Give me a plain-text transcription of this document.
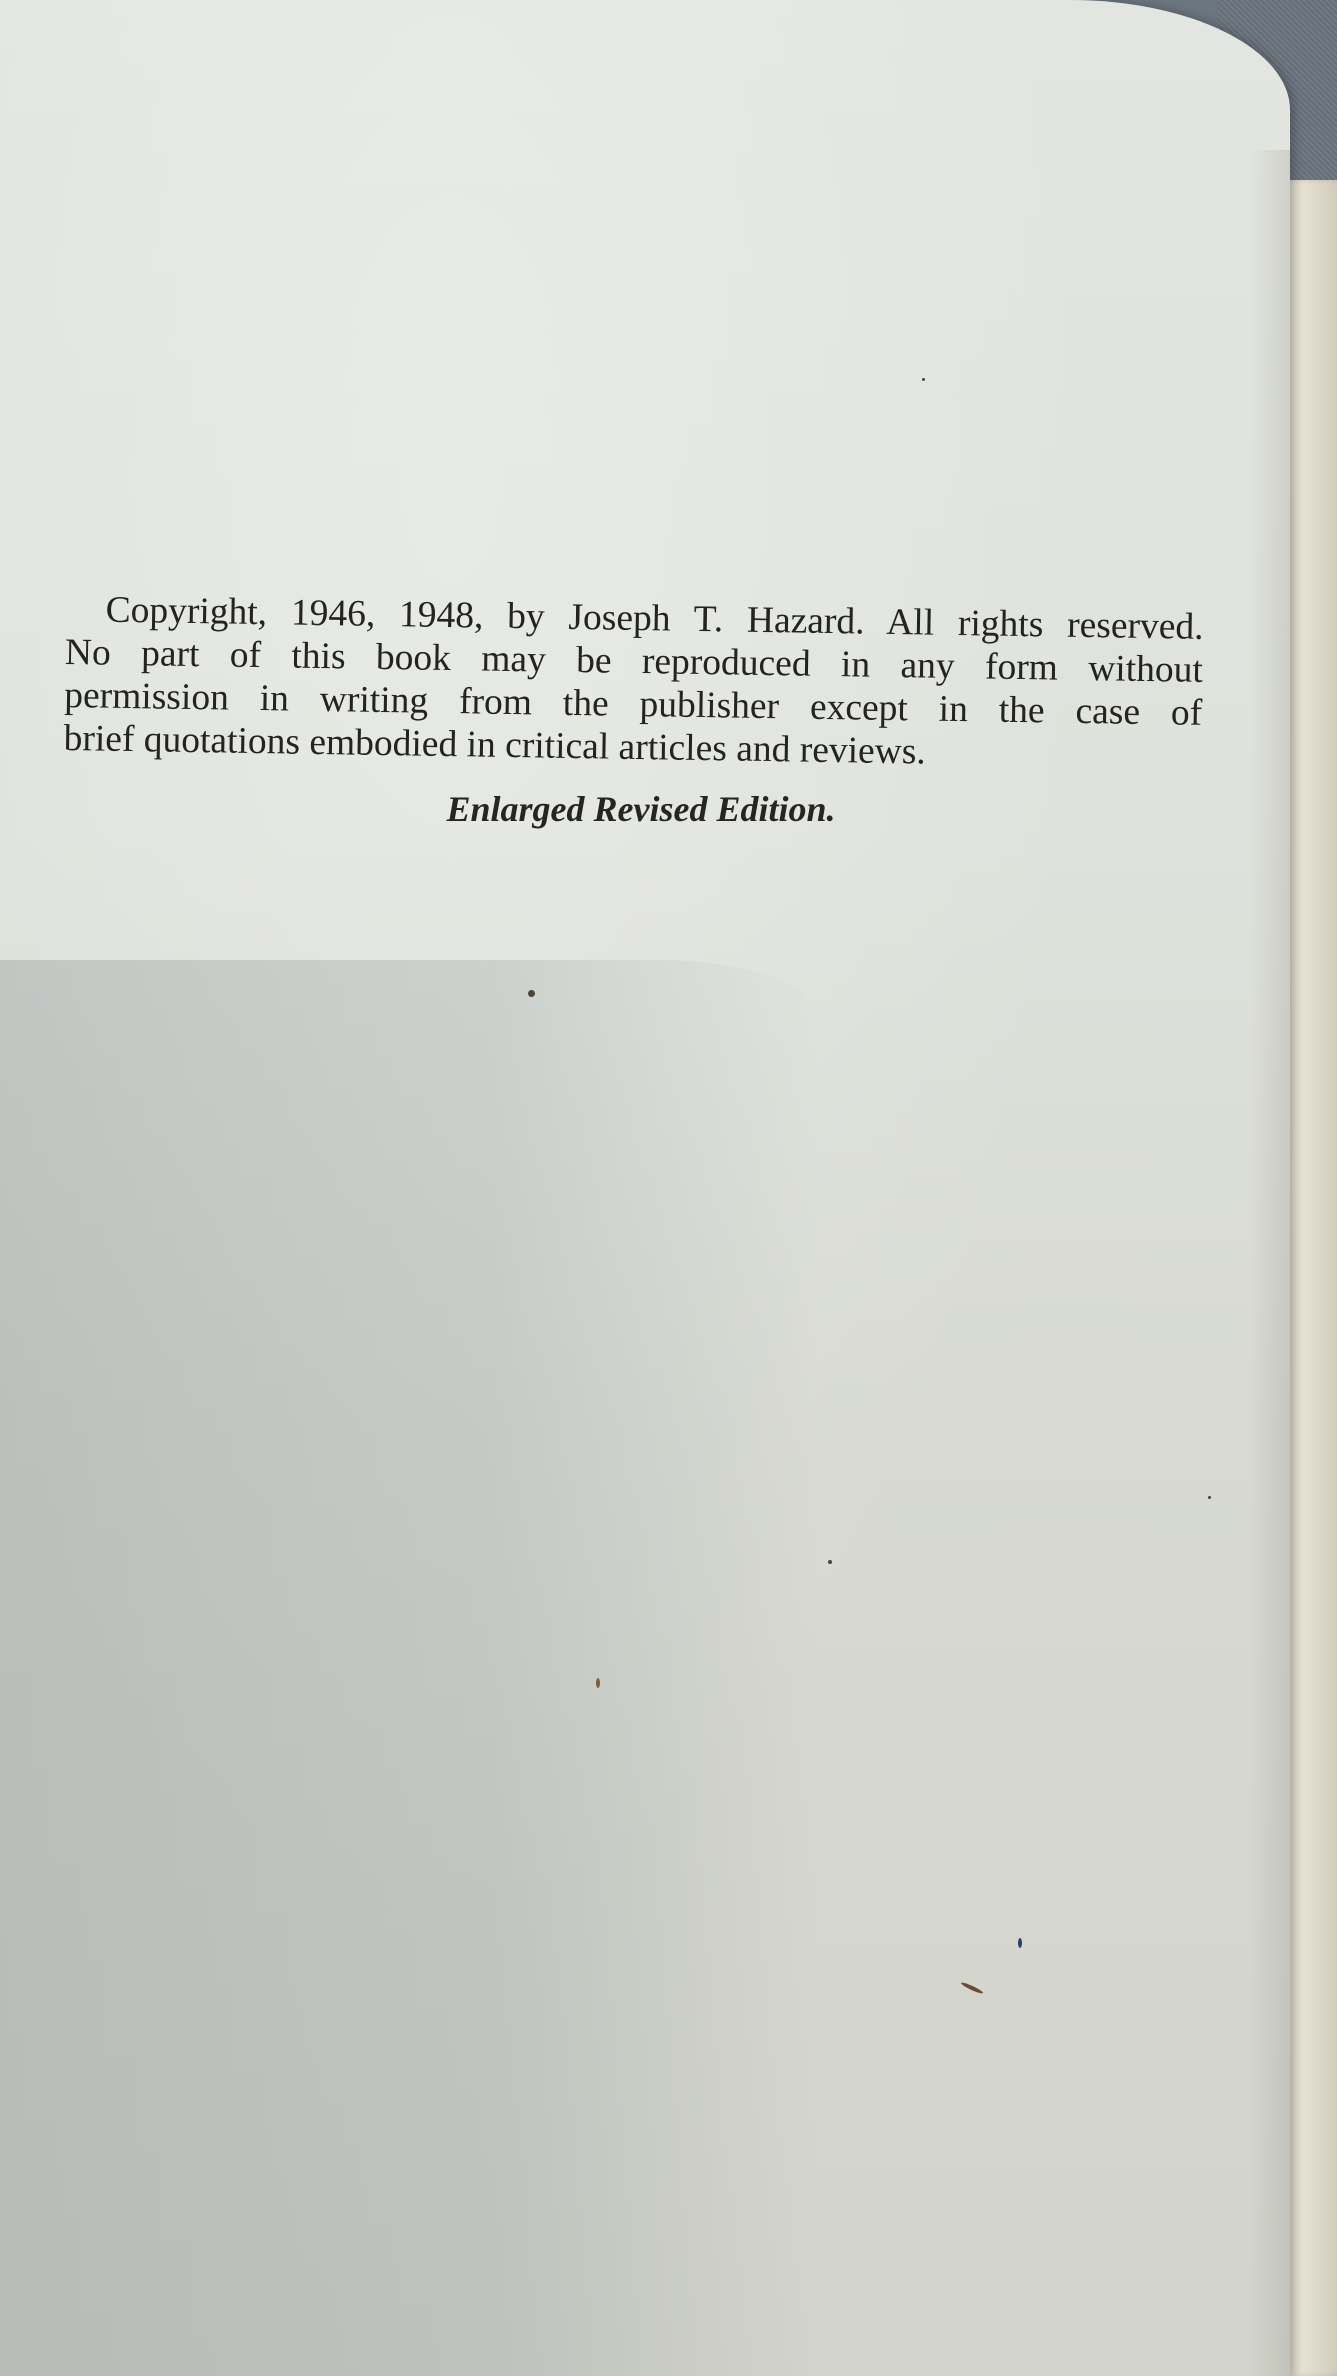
Copyright, 1946, 1948, by Joseph T. Hazard. All rights reserved.
No part of this book may be reproduced in any form without
permission in writing from the publisher except in the case of
brief quotations embodied in critical articles and reviews.
Enlarged Revised Edition.
